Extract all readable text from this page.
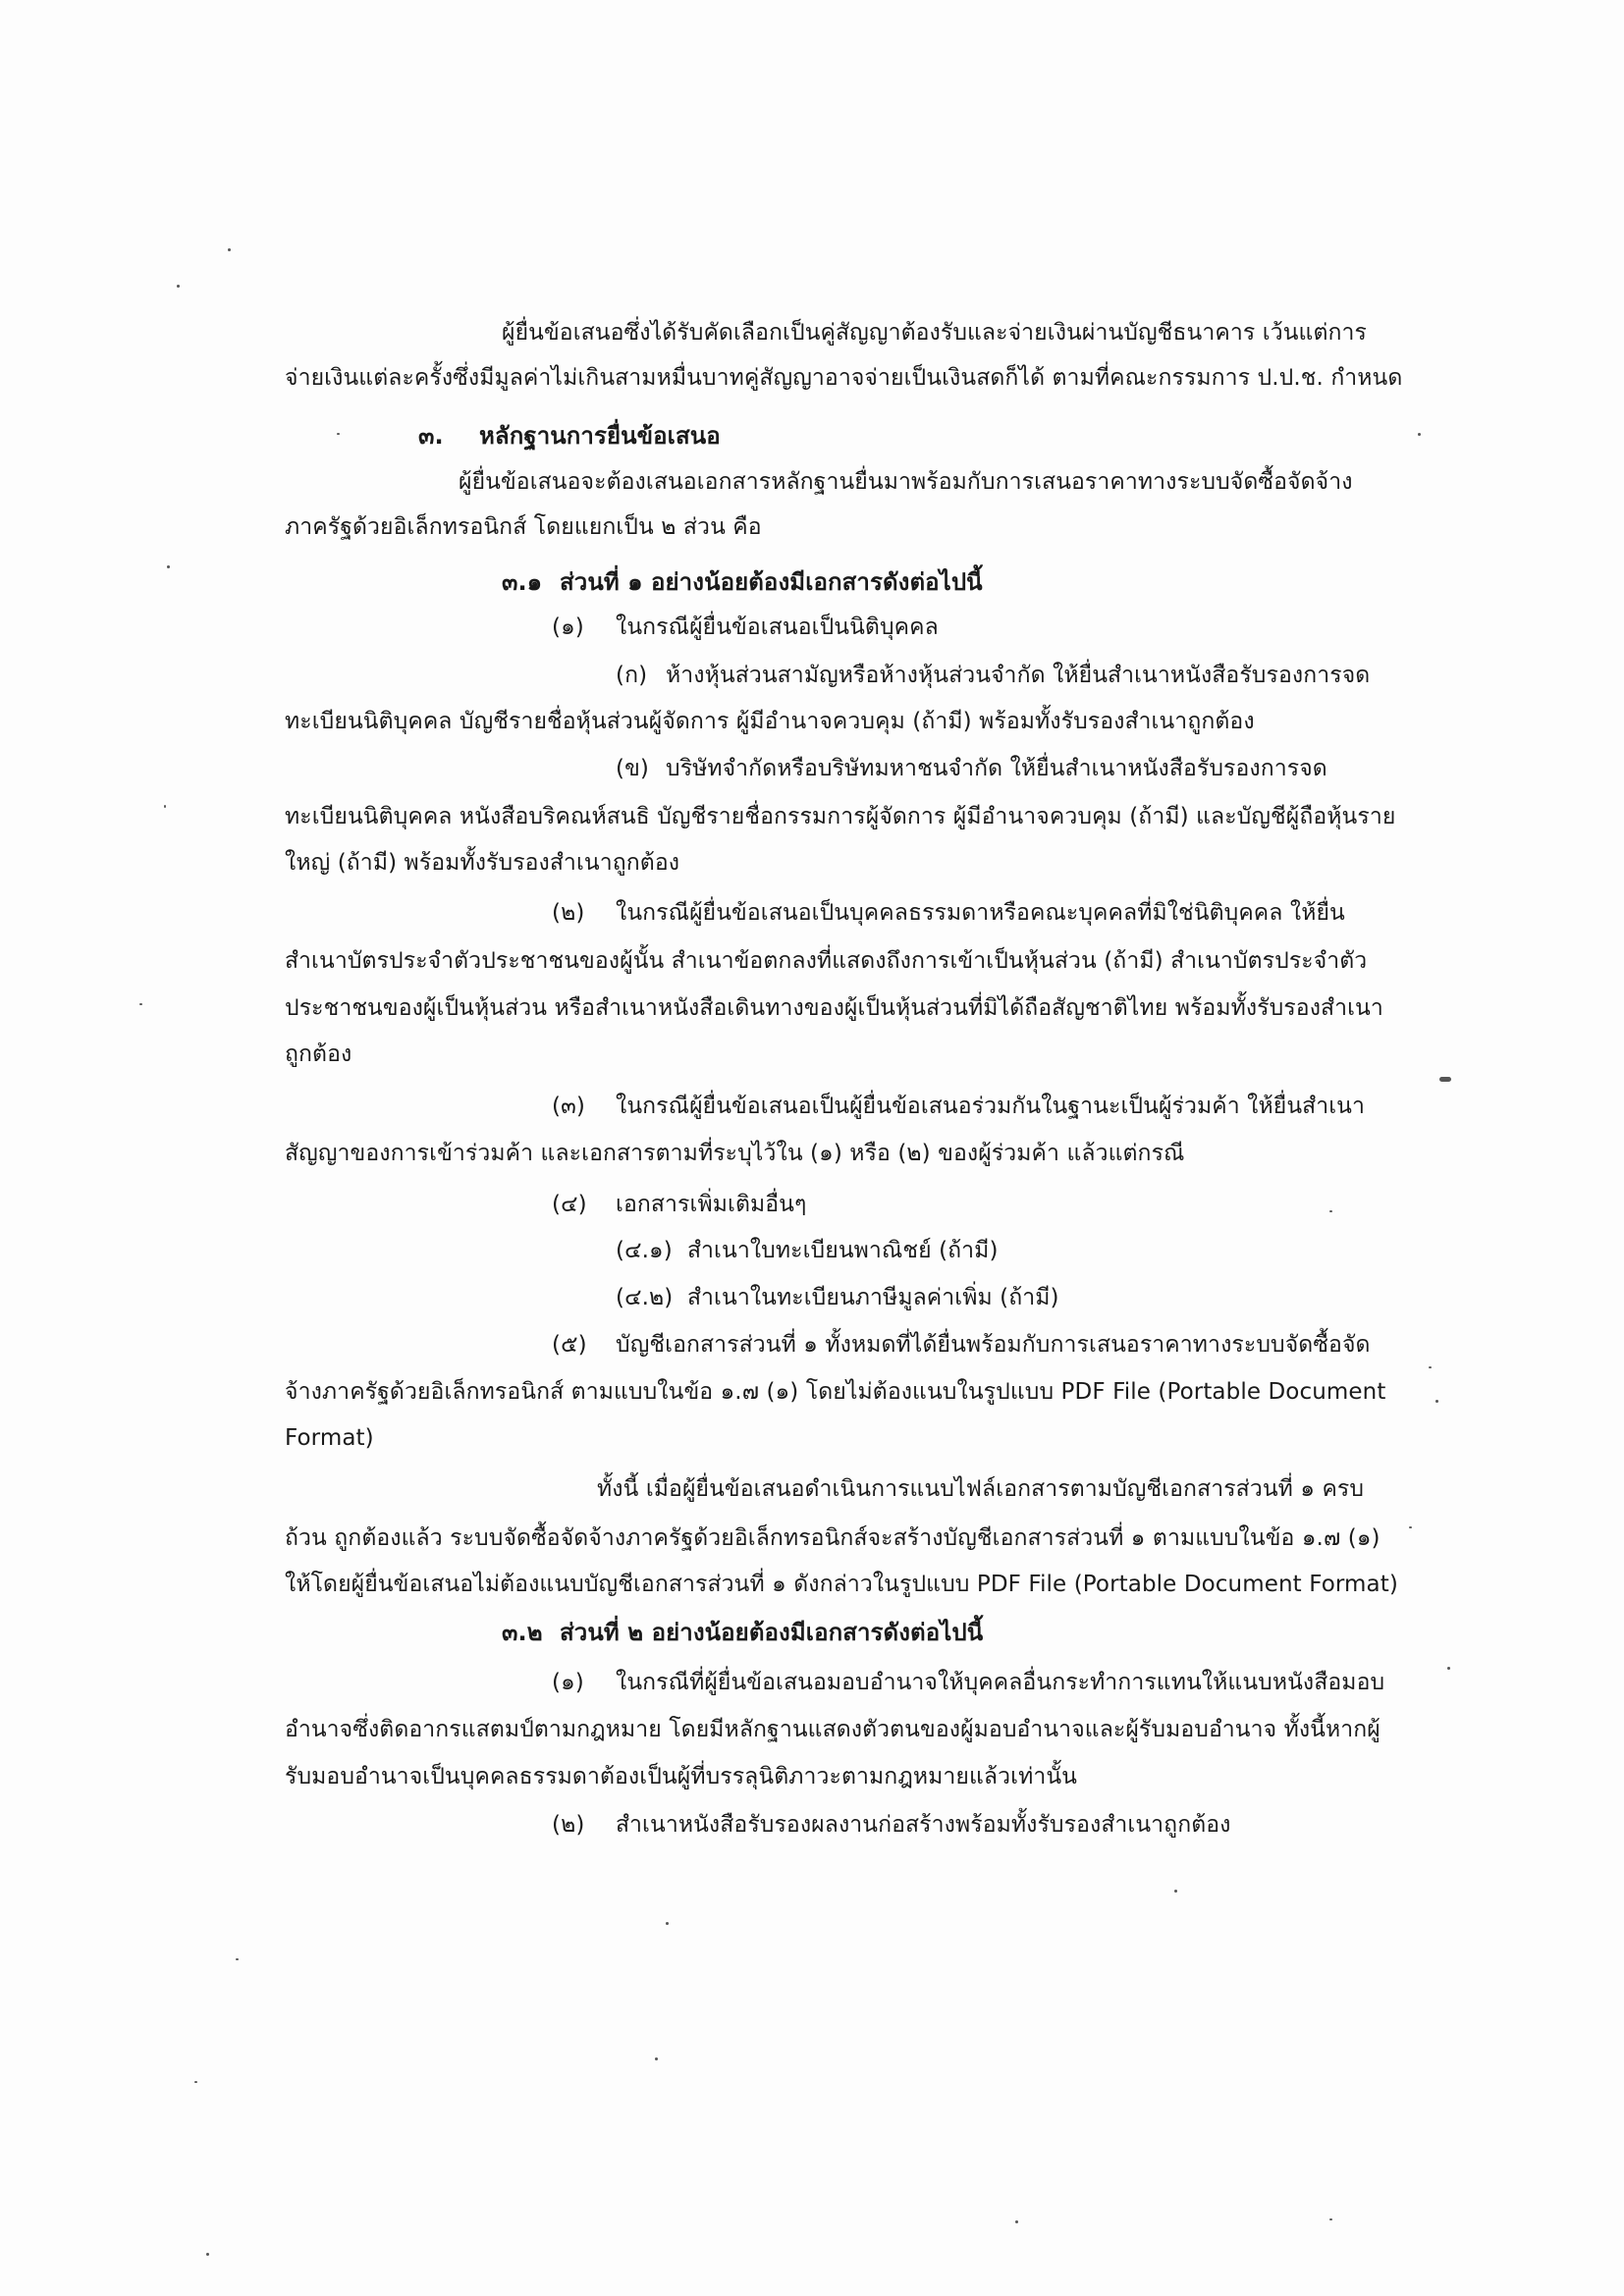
ผู้ยื่นข้อเสนอซึ่งได้รับคัดเลือกเป็นคู่สัญญาต้องรับและจ่ายเงินผ่านบัญชีธนาคาร เว้นแต่การ
จ่ายเงินแต่ละครั้งซึ่งมีมูลค่าไม่เกินสามหมื่นบาทคู่สัญญาอาจจ่ายเป็นเงินสดก็ได้ ตามที่คณะกรรมการ ป.ป.ช. กำหนด
๓. หลักฐานการยื่นข้อเสนอ
ผู้ยื่นข้อเสนอจะต้องเสนอเอกสารหลักฐานยื่นมาพร้อมกับการเสนอราคาทางระบบจัดซื้อจัดจ้าง
ภาครัฐด้วยอิเล็กทรอนิกส์ โดยแยกเป็น ๒ ส่วน คือ
๓.๑ ส่วนที่ ๑ อย่างน้อยต้องมีเอกสารดังต่อไปนี้
(๑) ในกรณีผู้ยื่นข้อเสนอเป็นนิติบุคคล
(ก) ห้างหุ้นส่วนสามัญหรือห้างหุ้นส่วนจำกัด ให้ยื่นสำเนาหนังสือรับรองการจด
ทะเบียนนิติบุคคล บัญชีรายชื่อหุ้นส่วนผู้จัดการ ผู้มีอำนาจควบคุม (ถ้ามี) พร้อมทั้งรับรองสำเนาถูกต้อง
(ข) บริษัทจำกัดหรือบริษัทมหาชนจำกัด ให้ยื่นสำเนาหนังสือรับรองการจด
ทะเบียนนิติบุคคล หนังสือบริคณห์สนธิ บัญชีรายชื่อกรรมการผู้จัดการ ผู้มีอำนาจควบคุม (ถ้ามี) และบัญชีผู้ถือหุ้นราย
ใหญ่ (ถ้ามี) พร้อมทั้งรับรองสำเนาถูกต้อง
(๒) ในกรณีผู้ยื่นข้อเสนอเป็นบุคคลธรรมดาหรือคณะบุคคลที่มิใช่นิติบุคคล ให้ยื่น
สำเนาบัตรประจำตัวประชาชนของผู้นั้น สำเนาข้อตกลงที่แสดงถึงการเข้าเป็นหุ้นส่วน (ถ้ามี) สำเนาบัตรประจำตัว
ประชาชนของผู้เป็นหุ้นส่วน หรือสำเนาหนังสือเดินทางของผู้เป็นหุ้นส่วนที่มิได้ถือสัญชาติไทย พร้อมทั้งรับรองสำเนา
ถูกต้อง
(๓) ในกรณีผู้ยื่นข้อเสนอเป็นผู้ยื่นข้อเสนอร่วมกันในฐานะเป็นผู้ร่วมค้า ให้ยื่นสำเนา
สัญญาของการเข้าร่วมค้า และเอกสารตามที่ระบุไว้ใน (๑) หรือ (๒) ของผู้ร่วมค้า แล้วแต่กรณี
(๔) เอกสารเพิ่มเติมอื่นๆ
(๔.๑) สำเนาใบทะเบียนพาณิชย์ (ถ้ามี)
(๔.๒) สำเนาในทะเบียนภาษีมูลค่าเพิ่ม (ถ้ามี)
(๕) บัญชีเอกสารส่วนที่ ๑ ทั้งหมดที่ได้ยื่นพร้อมกับการเสนอราคาทางระบบจัดซื้อจัด
จ้างภาครัฐด้วยอิเล็กทรอนิกส์ ตามแบบในข้อ ๑.๗ (๑) โดยไม่ต้องแนบในรูปแบบ PDF File (Portable Document
Format)
ทั้งนี้ เมื่อผู้ยื่นข้อเสนอดำเนินการแนบไฟล์เอกสารตามบัญชีเอกสารส่วนที่ ๑ ครบ
ถ้วน ถูกต้องแล้ว ระบบจัดซื้อจัดจ้างภาครัฐด้วยอิเล็กทรอนิกส์จะสร้างบัญชีเอกสารส่วนที่ ๑ ตามแบบในข้อ ๑.๗ (๑)
ให้โดยผู้ยื่นข้อเสนอไม่ต้องแนบบัญชีเอกสารส่วนที่ ๑ ดังกล่าวในรูปแบบ PDF File (Portable Document Format)
๓.๒ ส่วนที่ ๒ อย่างน้อยต้องมีเอกสารดังต่อไปนี้
(๑) ในกรณีที่ผู้ยื่นข้อเสนอมอบอำนาจให้บุคคลอื่นกระทำการแทนให้แนบหนังสือมอบ
อำนาจซึ่งติดอากรแสตมป์ตามกฎหมาย โดยมีหลักฐานแสดงตัวตนของผู้มอบอำนาจและผู้รับมอบอำนาจ ทั้งนี้หากผู้
รับมอบอำนาจเป็นบุคคลธรรมดาต้องเป็นผู้ที่บรรลุนิติภาวะตามกฎหมายแล้วเท่านั้น
(๒) สำเนาหนังสือรับรองผลงานก่อสร้างพร้อมทั้งรับรองสำเนาถูกต้อง
